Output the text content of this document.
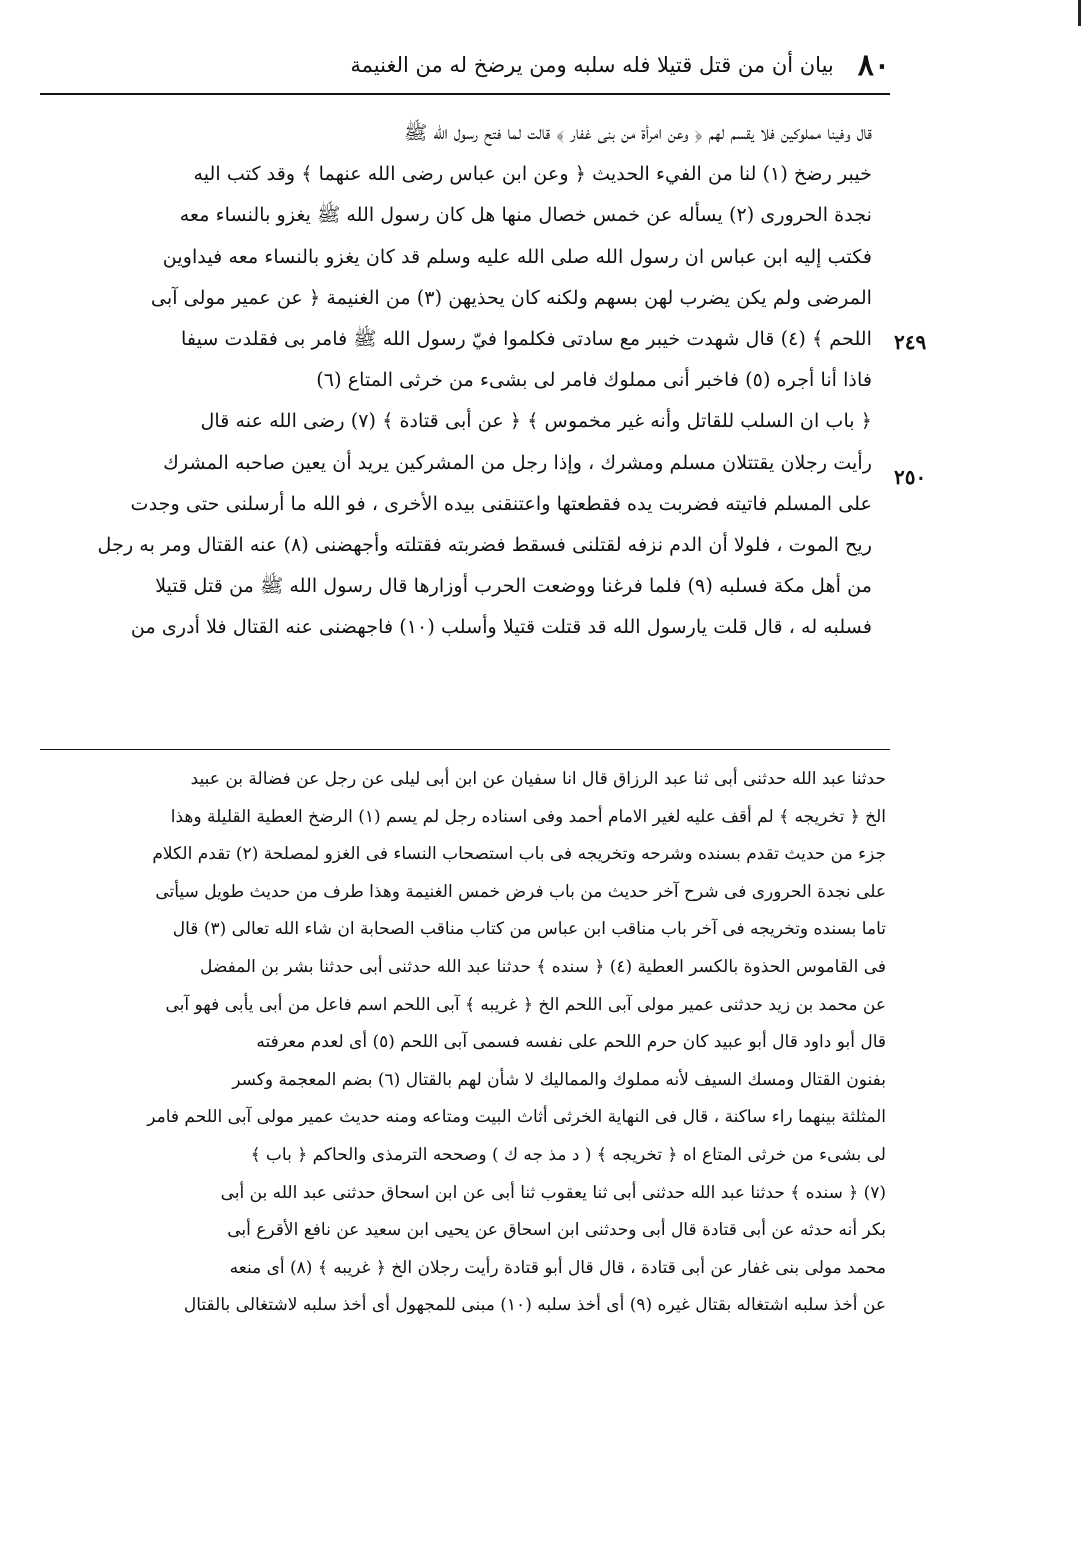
٨٠
بيان أن من قتل قتيلا فله سلبه ومن يرضخ له من الغنيمة
٢٤٩
٢٥٠
قال وفينا مملوكين فلا يقسم لهم ﴿ وعن امرأة من بنى غفار ﴾ قالت لما فتح رسول الله ﷺ
خيبر رضخ (١) لنا من الفيء الحديث ﴿ وعن ابن عباس رضى الله عنهما ﴾ وقد كتب اليه
نجدة الحرورى (٢) يسأله عن خمس خصال منها هل كان رسول الله ﷺ يغزو بالنساء معه
فكتب إليه ابن عباس ان رسول الله صلى الله عليه وسلم قد كان يغزو بالنساء معه فيداوين
المرضى ولم يكن يضرب لهن بسهم ولكنه كان يحذيهن (٣) من الغنيمة ﴿ عن عمير مولى آبى
اللحم ﴾ (٤) قال شهدت خيبر مع سادتى فكلموا فيّ رسول الله ﷺ فامر بى فقلدت سيفا
فاذا أنا أجره (٥) فاخبر أنى مملوك فامر لى بشىء من خرثى المتاع (٦)
﴿ باب ان السلب للقاتل وأنه غير مخموس ﴾ ﴿ عن أبى قتادة ﴾ (٧) رضى الله عنه قال
رأيت رجلان يقتتلان مسلم ومشرك ، وإذا رجل من المشركين يريد أن يعين صاحبه المشرك
على المسلم فاتيته فضربت يده فقطعتها واعتنقنى بيده الأخرى ، فو الله ما أرسلنى حتى وجدت
ريح الموت ، فلولا أن الدم نزفه لقتلنى فسقط فضربته فقتلته وأجهضنى (٨) عنه القتال ومر به رجل
من أهل مكة فسلبه (٩) فلما فرغنا ووضعت الحرب أوزارها قال رسول الله ﷺ من قتل قتيلا
فسلبه له ، قال قلت يارسول الله قد قتلت قتيلا وأسلب (١٠) فاجهضنى عنه القتال فلا أدرى من
حدثنا عبد الله حدثنى أبى ثنا عبد الرزاق قال انا سفيان عن ابن أبى ليلى عن رجل عن فضالة بن عبيد
الخ ﴿ تخريجه ﴾ لم أقف عليه لغير الامام أحمد وفى اسناده رجل لم يسم (١) الرضخ العطية القليلة وهذا
جزء من حديث تقدم بسنده وشرحه وتخريجه فى باب استصحاب النساء فى الغزو لمصلحة (٢) تقدم الكلام
على نجدة الحرورى فى شرح آخر حديث من باب فرض خمس الغنيمة وهذا طرف من حديث طويل سيأتى
تاما بسنده وتخريجه فى آخر باب مناقب ابن عباس من كتاب مناقب الصحابة ان شاء الله تعالى (٣) قال
فى القاموس الحذوة بالكسر العطية (٤) ﴿ سنده ﴾ حدثنا عبد الله حدثنى أبى حدثنا بشر بن المفضل
عن محمد بن زيد حدثنى عمير مولى آبى اللحم الخ ﴿ غريبه ﴾ آبى اللحم اسم فاعل من أبى يأبى فهو آبى
قال أبو داود قال أبو عبيد كان حرم اللحم على نفسه فسمى آبى اللحم (٥) أى لعدم معرفته
بفنون القتال ومسك السيف لأنه مملوك والمماليك لا شأن لهم بالقتال (٦) بضم المعجمة وكسر
المثلثة بينهما راء ساكنة ، قال فى النهاية الخرثى أثاث البيت ومتاعه ومنه حديث عمير مولى آبى اللحم فامر
لى بشىء من خرثى المتاع اه ﴿ تخريجه ﴾ ( د مذ جه ك ) وصححه الترمذى والحاكم ﴿ باب ﴾
(٧) ﴿ سنده ﴾ حدثنا عبد الله حدثنى أبى ثنا يعقوب ثنا أبى عن ابن اسحاق حدثنى عبد الله بن أبى
بكر أنه حدثه عن أبى قتادة قال أبى وحدثنى ابن اسحاق عن يحيى ابن سعيد عن نافع الأقرع أبى
محمد مولى بنى غفار عن أبى قتادة ، قال قال أبو قتادة رأيت رجلان الخ ﴿ غريبه ﴾ (٨) أى منعه
عن أخذ سلبه اشتغاله بقتال غيره (٩) أى أخذ سلبه (١٠) مبنى للمجهول أى أخذ سلبه لاشتغالى بالقتال
